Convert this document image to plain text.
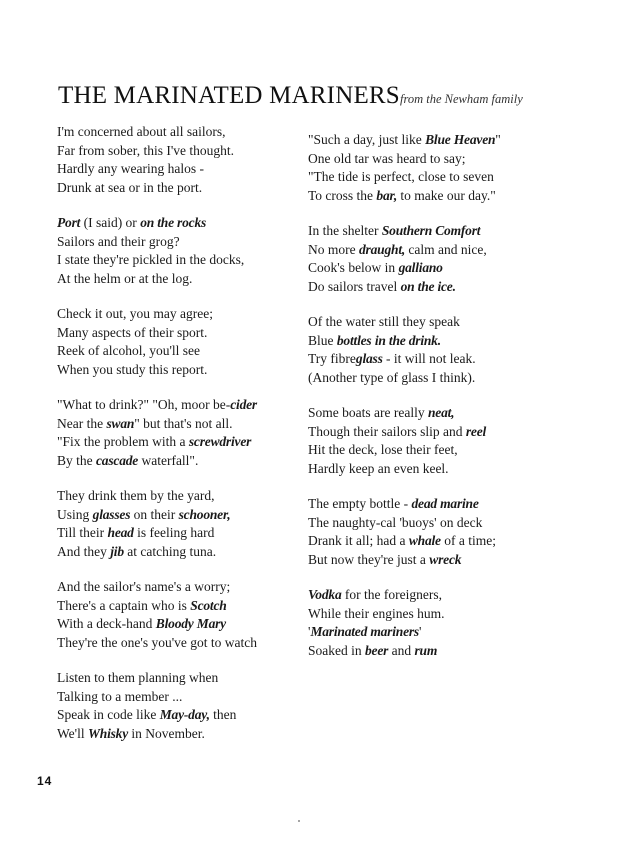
THE MARINATED MARINERS from the Newham family
I'm concerned about all sailors,
Far from sober, this I've thought.
Hardly any wearing halos -
Drunk at sea or in the port.
Port (I said) or on the rocks
Sailors and their grog?
I state they're pickled in the docks,
At the helm or at the log.
Check it out, you may agree;
Many aspects of their sport.
Reek of alcohol, you'll see
When you study this report.
"What to drink?" "Oh, moor be-cider
Near the swan" but that's not all.
"Fix the problem with a screwdriver
By the cascade waterfall".
They drink them by the yard,
Using glasses on their schooner,
Till their head is feeling hard
And they jib at catching tuna.
And the sailor's name's a worry;
There's a captain who is Scotch
With a deck-hand Bloody Mary
They're the one's you've got to watch
Listen to them planning when
Talking to a member ...
Speak in code like May-day, then
We'll Whisky in November.
"Such a day, just like Blue Heaven"
One old tar was heard to say;
"The tide is perfect, close to seven
To cross the bar, to make our day."
In the shelter Southern Comfort
No more draught, calm and nice,
Cook's below in galliano
Do sailors travel on the ice.
Of the water still they speak
Blue bottles in the drink.
Try fibreglass - it will not leak.
(Another type of glass I think).
Some boats are really neat,
Though their sailors slip and reel
Hit the deck, lose their feet,
Hardly keep an even keel.
The empty bottle - dead marine
The naughty-cal 'buoys' on deck
Drank it all; had a whale of a time;
But now they're just a wreck
Vodka for the foreigners,
While their engines hum.
'Marinated mariners'
Soaked in beer and rum
14
